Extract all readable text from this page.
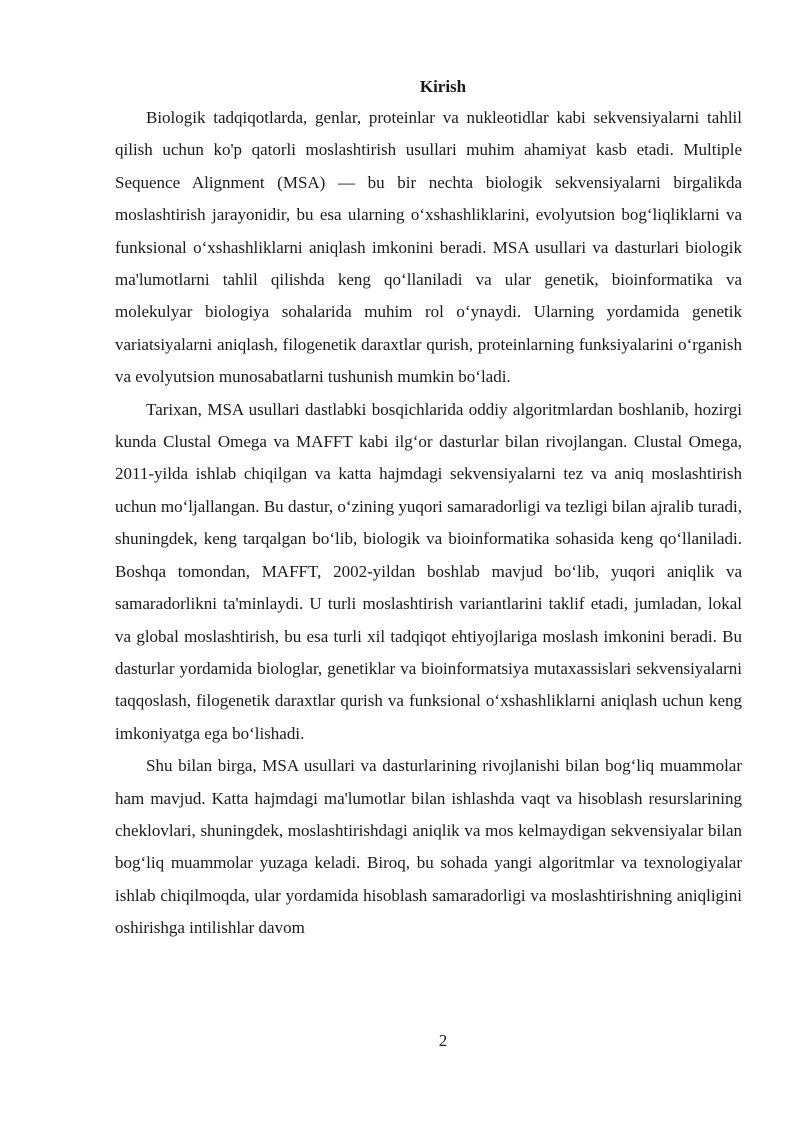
Kirish

Biologik tadqiqotlarda, genlar, proteinlar va nukleotidlar kabi sekvensiyalarni tahlil qilish uchun ko'p qatorli moslashtirish usullari muhim ahamiyat kasb etadi. Multiple Sequence Alignment (MSA) — bu bir nechta biologik sekvensiyalarni birgalikda moslashtirish jarayonidir, bu esa ularning o‘xshashliklarini, evolyutsion bog‘liqliklarni va funksional o‘xshashliklarni aniqlash imkonini beradi. MSA usullari va dasturlari biologik ma'lumotlarni tahlil qilishda keng qo‘llaniladi va ular genetik, bioinformatika va molekulyar biologiya sohalarida muhim rol o‘ynaydi. Ularning yordamida genetik variatsiyalarni aniqlash, filogenetik daraxtlar qurish, proteinlarning funksiyalarini o‘rganish va evolyutsion munosabatlarni tushunish mumkin bo‘ladi.

Tarixan, MSA usullari dastlabki bosqichlarida oddiy algoritmlardan boshlanib, hozirgi kunda Clustal Omega va MAFFT kabi ilg‘or dasturlar bilan rivojlangan. Clustal Omega, 2011-yilda ishlab chiqilgan va katta hajmdagi sekvensiyalarni tez va aniq moslashtirish uchun mo‘ljallangan. Bu dastur, o‘zining yuqori samaradorligi va tezligi bilan ajralib turadi, shuningdek, keng tarqalgan bo‘lib, biologik va bioinformatika sohasida keng qo‘llaniladi. Boshqa tomondan, MAFFT, 2002-yildan boshlab mavjud bo‘lib, yuqori aniqlik va samaradorlikni ta'minlaydi. U turli moslashtirish variantlarini taklif etadi, jumladan, lokal va global moslashtirish, bu esa turli xil tadqiqot ehtiyojlariga moslash imkonini beradi. Bu dasturlar yordamida biologlar, genetiklar va bioinformatsiya mutaxassislari sekvensiyalarni taqqoslash, filogenetik daraxtlar qurish va funksional o‘xshashliklarni aniqlash uchun keng imkoniyatga ega bo‘lishadi.

Shu bilan birga, MSA usullari va dasturlarining rivojlanishi bilan bog‘liq muammolar ham mavjud. Katta hajmdagi ma'lumotlar bilan ishlashda vaqt va hisoblash resurslarining cheklovlari, shuningdek, moslashtirishdagi aniqlik va mos kelmaydigan sekvensiyalar bilan bog‘liq muammolar yuzaga keladi. Biroq, bu sohada yangi algoritmlar va texnologiyalar ishlab chiqilmoqda, ular yordamida hisoblash samaradorligi va moslashtirishning aniqligini oshirishga intilishlar davom

2
